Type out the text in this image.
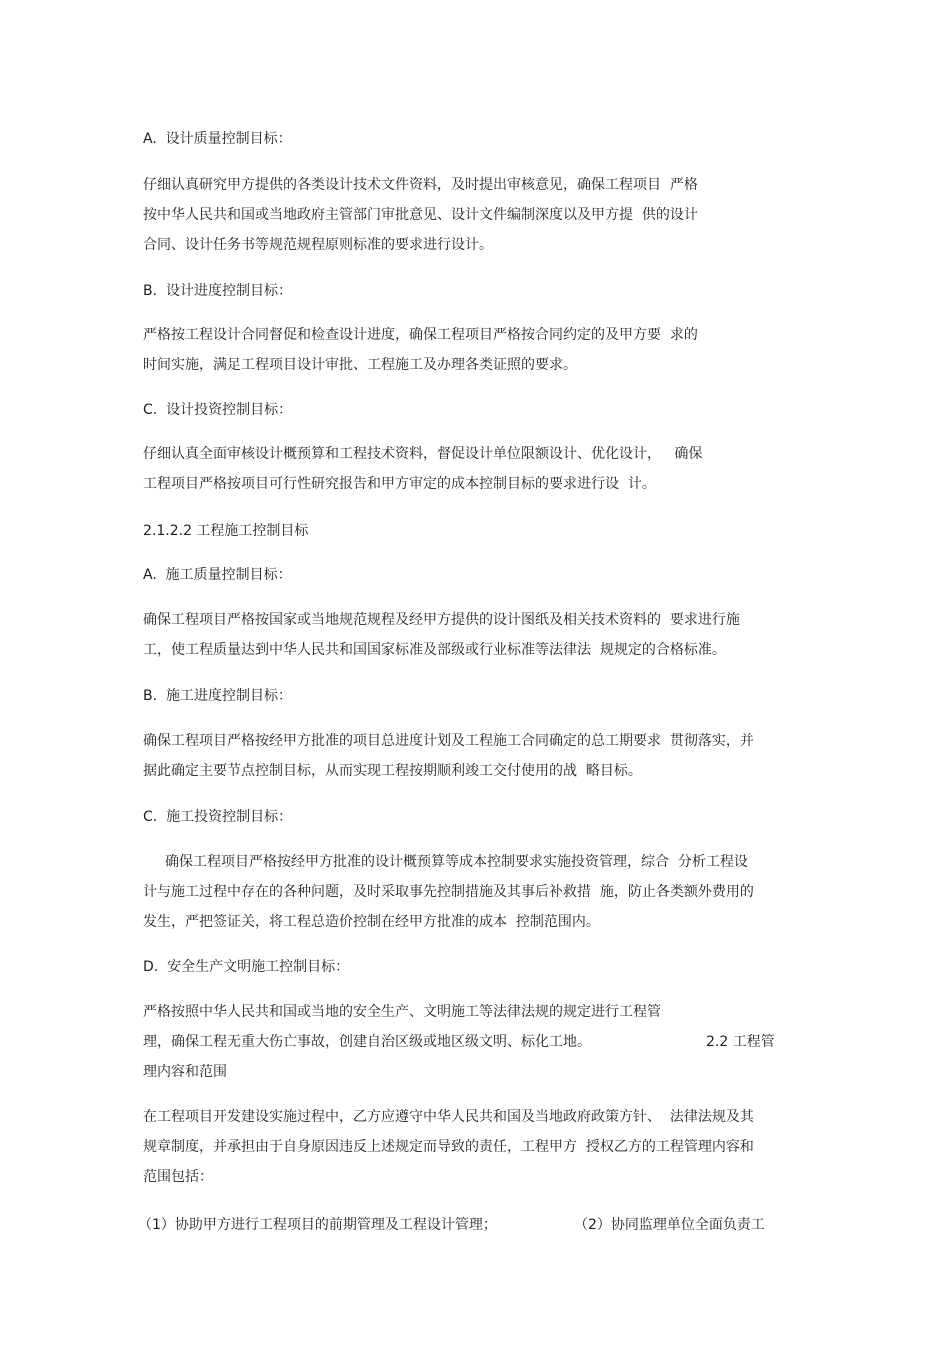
A.  设计质量控制目标：
仔细认真研究甲方提供的各类设计技术文件资料，及时提出审核意见，确保工程项目  严格
按中华人民共和国或当地政府主管部门审批意见、设计文件编制深度以及甲方提  供的设计
合同、设计任务书等规范规程原则标准的要求进行设计。
B.  设计进度控制目标：
严格按工程设计合同督促和检查设计进度，确保工程项目严格按合同约定的及甲方要  求的
时间实施，满足工程项目设计审批、工程施工及办理各类证照的要求。
C.  设计投资控制目标：
仔细认真全面审核设计概预算和工程技术资料，督促设计单位限额设计、优化设计，   确保
工程项目严格按项目可行性研究报告和甲方审定的成本控制目标的要求进行设  计。
2.1.2.2 工程施工控制目标
A.  施工质量控制目标：
确保工程项目严格按国家或当地规范规程及经甲方提供的设计图纸及相关技术资料的  要求进行施
工，使工程质量达到中华人民共和国国家标准及部级或行业标准等法律法  规规定的合格标准。
B.  施工进度控制目标：
确保工程项目严格按经甲方批准的项目总进度计划及工程施工合同确定的总工期要求  贯彻落实，并
据此确定主要节点控制目标，从而实现工程按期顺利竣工交付使用的战  略目标。
C.  施工投资控制目标：
确保工程项目严格按经甲方批准的设计概预算等成本控制要求实施投资管理，综合  分析工程设
计与施工过程中存在的各种问题，及时采取事先控制措施及其事后补救措  施，防止各类额外费用的
发生，严把签证关，将工程总造价控制在经甲方批准的成本  控制范围内。
D.  安全生产文明施工控制目标：
严格按照中华人民共和国或当地的安全生产、文明施工等法律法规的规定进行工程管
理，确保工程无重大伤亡事故，创建自治区级或地区级文明、标化工地。	2.2 工程管
理内容和范围
在工程项目开发建设实施过程中，乙方应遵守中华人民共和国及当地政府政策方针、  法律法规及其
规章制度，并承担由于自身原因违反上述规定而导致的责任，工程甲方  授权乙方的工程管理内容和
范围包括：
（1）协助甲方进行工程项目的前期管理及工程设计管理；	（2）协同监理单位全面负责工
